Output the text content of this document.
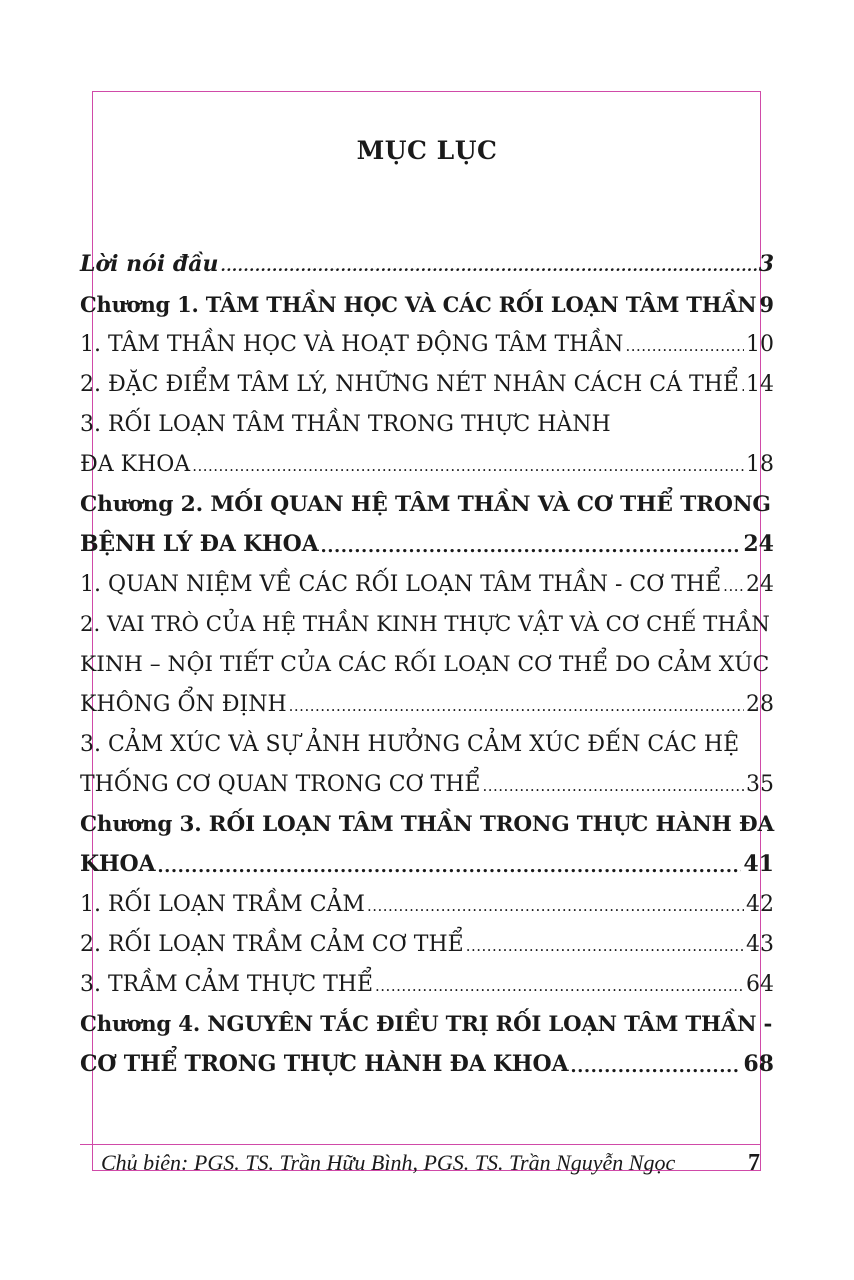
MỤC LỤC
Lời nói đầu .....	3
Chương 1. TÂM THẦN HỌC VÀ CÁC RỐI LOẠN TÂM THẦN 9
1. TÂM THẦN HỌC VÀ HOẠT ĐỘNG TÂM THẦN .....	10
2. ĐẶC ĐIỂM TÂM LÝ, NHỮNG NÉT NHÂN CÁCH CÁ THỂ ..... 14
3. RỐI LOẠN TÂM THẦN TRONG THỰC HÀNH
ĐA KHOA .....	18
Chương 2. MỐI QUAN HỆ TÂM THẦN VÀ CƠ THỂ TRONG
BỆNH LÝ ĐA KHOA .....	24
1. QUAN NIỆM VỀ CÁC RỐI LOẠN TÂM THẦN - CƠ THỂ ..... 24
2. VAI TRÒ CỦA HỆ THẦN KINH THỰC VẬT VÀ CƠ CHẾ THẦN
KINH – NỘI TIẾT CỦA CÁC RỐI LOẠN CƠ THỂ DO CẢM XÚC
KHÔNG ỔN ĐỊNH .....	28
3. CẢM XÚC VÀ SỰ ẢNH HƯỞNG CẢM XÚC ĐẾN CÁC HỆ
THỐNG CƠ QUAN TRONG CƠ THỂ .....	35
Chương 3. RỐI LOẠN TÂM THẦN TRONG THỰC HÀNH ĐA
KHOA .....	41
1. RỐI LOẠN TRẦM CẢM .....	42
2. RỐI LOẠN TRẦM CẢM CƠ THỂ .....	43
3. TRẦM CẢM THỰC THỂ .....	64
Chương 4. NGUYÊN TẮC ĐIỀU TRỊ RỐI LOẠN TÂM THẦN -
CƠ THỂ TRONG THỰC HÀNH ĐA KHOA .....	68
Chủ biên: PGS. TS. Trần Hữu Bình, PGS. TS. Trần Nguyễn Ngọc	7
